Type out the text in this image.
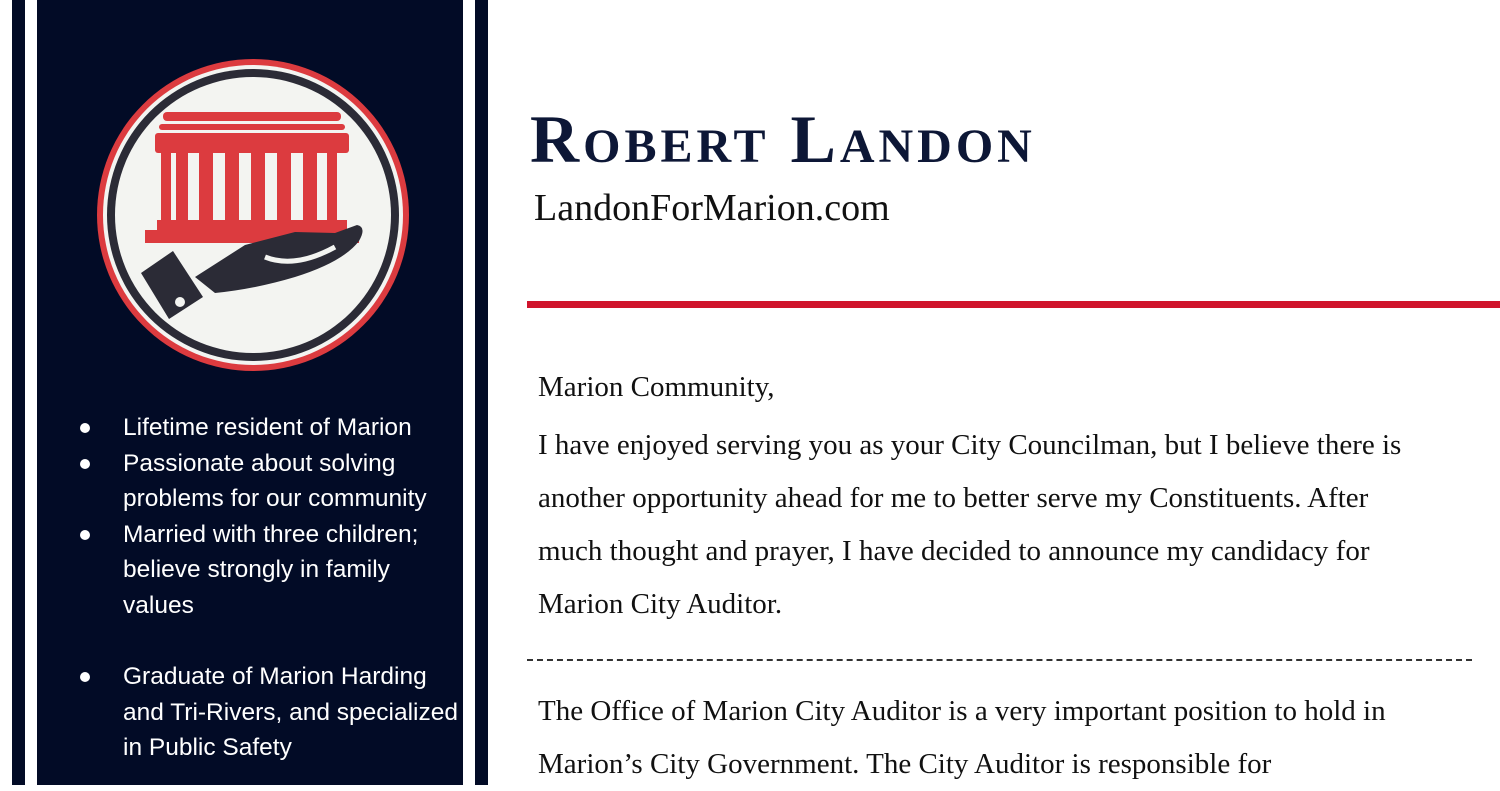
Lifetime resident of Marion
Passionate about solving problems for our community
Married with three children; believe strongly in family values
Graduate of Marion Harding and Tri-Rivers, and specialized in Public Safety
Robert Landon
LandonForMarion.com
Marion Community,
I have enjoyed serving you as your City Councilman, but I believe there is another opportunity ahead for me to better serve my Constituents. After much thought and prayer, I have decided to announce my candidacy for Marion City Auditor.
The Office of Marion City Auditor is a very important position to hold in Marion’s City Government. The City Auditor is responsible for
